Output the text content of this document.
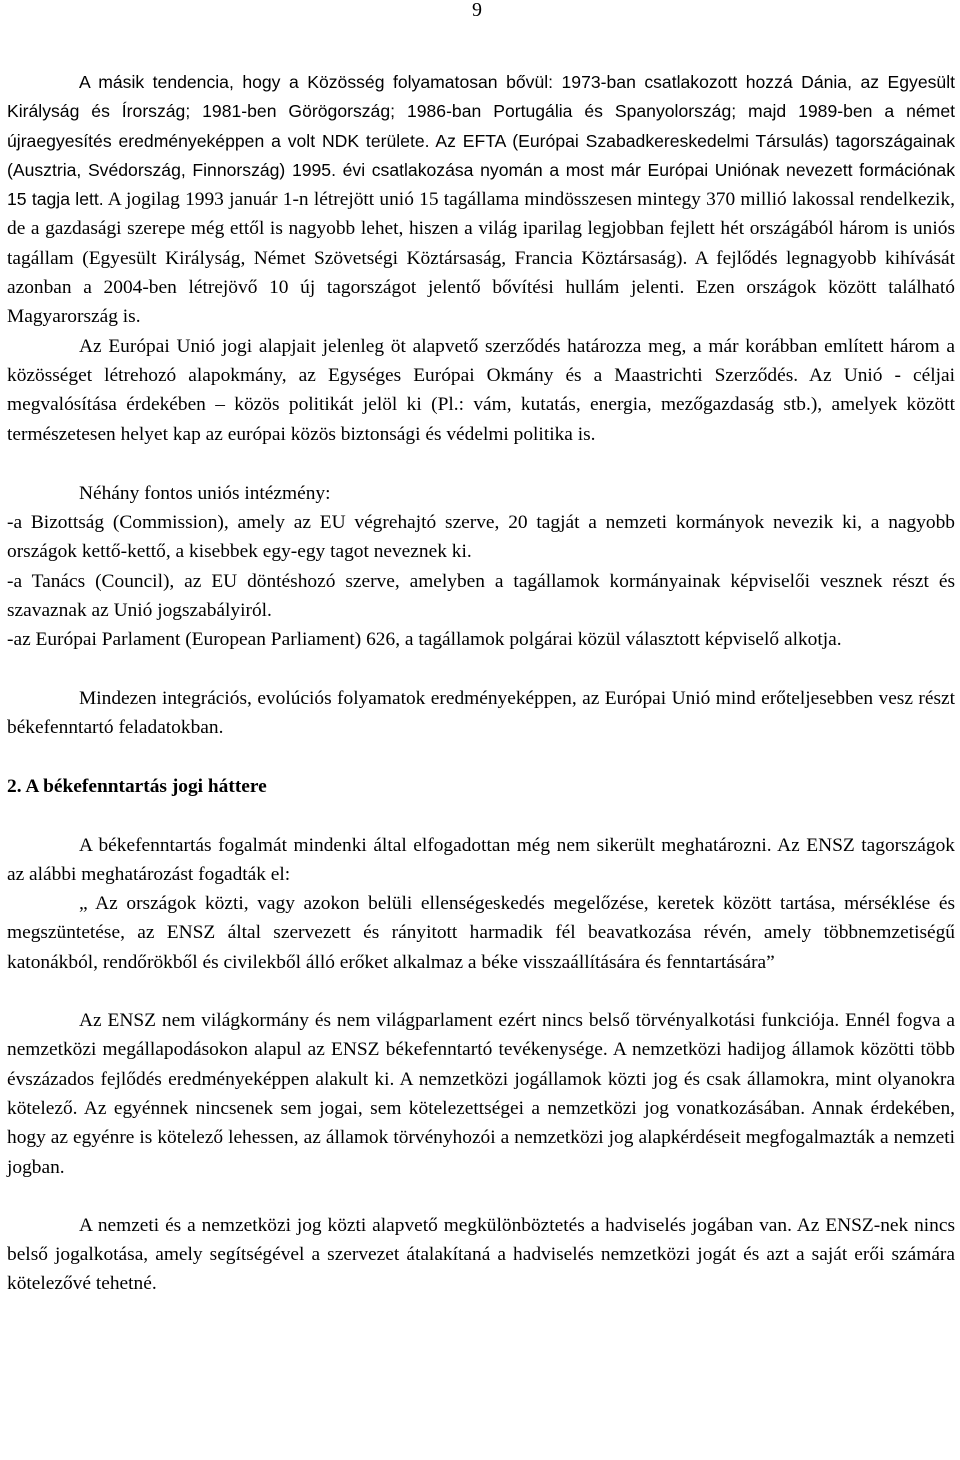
9

A másik tendencia, hogy a Közösség folyamatosan bővül: 1973-ban csatlakozott hozzá Dánia, az Egyesült Királyság és Írország; 1981-ben Görögország; 1986-ban Portugália és Spanyolország; majd 1989-ben a német újraegyesítés eredményeképpen a volt NDK területe. Az EFTA (Európai Szabadkereskedelmi Társulás) tagországainak (Ausztria, Svédország, Finnország) 1995. évi csatlakozása nyomán a most már Európai Uniónak nevezett formációnak 15 tagja lett. A jogilag 1993 január 1-n létrejött unió 15 tagállama mindösszesen mintegy 370 millió lakossal rendelkezik, de a gazdasági szerepe még ettől is nagyobb lehet, hiszen a világ iparilag legjobban fejlett hét országából három is uniós tagállam (Egyesült Királyság, Német Szövetségi Köztársaság, Francia Köztársaság). A fejlődés legnagyobb kihívását azonban a 2004-ben létrejövő 10 új tagországot jelentő bővítési hullám jelenti. Ezen országok között található Magyarország is.

Az Európai Unió jogi alapjait jelenleg öt alapvető szerződés határozza meg, a már korábban említett három a közösséget létrehozó alapokmány, az Egységes Európai Okmány és a Maastrichti Szerződés. Az Unió - céljai megvalósítása érdekében – közös politikát jelöl ki (Pl.: vám, kutatás, energia, mezőgazdaság stb.), amelyek között természetesen helyet kap az európai közös biztonsági és védelmi politika is.

Néhány fontos uniós intézmény:

-a Bizottság (Commission), amely az EU végrehajtó szerve, 20 tagját a nemzeti kormányok nevezik ki, a nagyobb országok kettő-kettő, a kisebbek egy-egy tagot neveznek ki.

-a Tanács (Council), az EU döntéshozó szerve, amelyben a tagállamok kormányainak képviselői vesznek részt és szavaznak az Unió jogszabályiról.

-az Európai Parlament (European Parliament) 626, a tagállamok polgárai közül választott képviselő alkotja.

Mindezen integrációs, evolúciós folyamatok eredményeképpen, az Európai Unió mind erőteljesebben vesz részt békefenntartó feladatokban.

2. A békefenntartás jogi háttere

A békefenntartás fogalmát mindenki által elfogadottan még nem sikerült meghatározni. Az ENSZ tagországok az alábbi meghatározást fogadták el:

„ Az országok közti, vagy azokon belüli ellenségeskedés megelőzése, keretek között tartása, mérséklése és megszüntetése, az ENSZ által szervezett és rányitott harmadik fél beavatkozása révén, amely többnemzetiségű katonákból, rendőrökből és civilekből álló erőket alkalmaz a béke visszaállítására és fenntartására”

Az ENSZ nem világkormány és nem világparlament ezért nincs belső törvényalkotási funkciója. Ennél fogva a nemzetközi megállapodásokon alapul az ENSZ békefenntartó tevékenysége. A nemzetközi hadijog államok közötti több évszázados fejlődés eredményeképpen alakult ki. A nemzetközi jogállamok közti jog és csak államokra, mint olyanokra kötelező. Az egyénnek nincsenek sem jogai, sem kötelezettségei a nemzetközi jog vonatkozásában. Annak érdekében, hogy az egyénre is kötelező lehessen, az államok törvényhozói a nemzetközi jog alapkérdéseit megfogalmazták a nemzeti jogban.

A nemzeti és a nemzetközi jog közti alapvető megkülönböztetés a hadviselés jogában van. Az ENSZ-nek nincs belső jogalkotása, amely segítségével a szervezet átalakítaná a hadviselés nemzetközi jogát és azt a saját erői számára kötelezővé tehetné.
